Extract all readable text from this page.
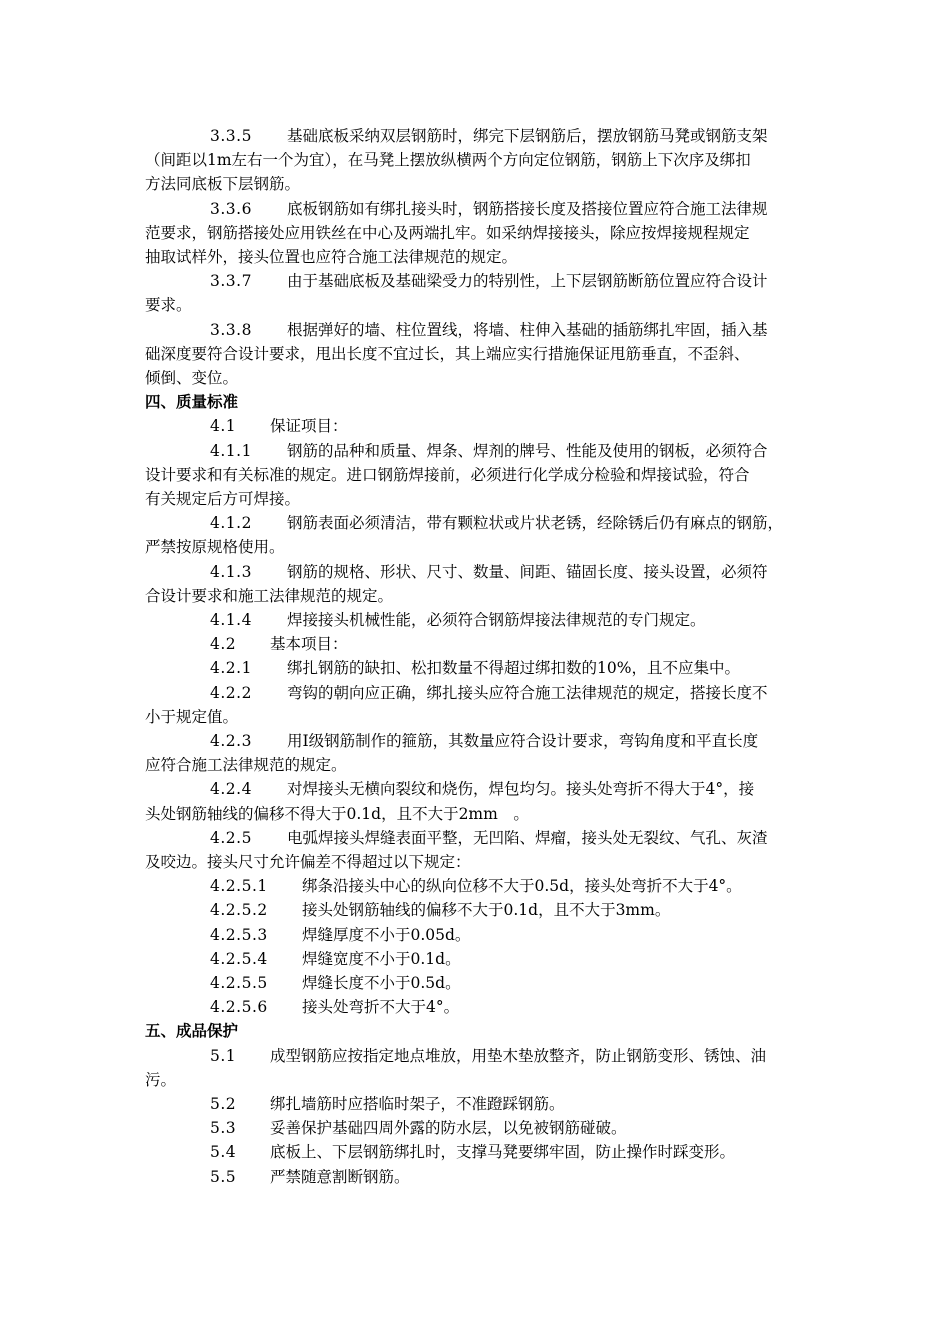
3.3.5 基础底板采纳双层钢筋时，绑完下层钢筋后，摆放钢筋马凳或钢筋支架
（间距以1m左右一个为宜），在马凳上摆放纵横两个方向定位钢筋，钢筋上下次序及绑扣
方法同底板下层钢筋。
3.3.6 底板钢筋如有绑扎接头时，钢筋搭接长度及搭接位置应符合施工法律规
范要求，钢筋搭接处应用铁丝在中心及两端扎牢。如采纳焊接接头，除应按焊接规程规定
抽取试样外，接头位置也应符合施工法律规范的规定。
3.3.7 由于基础底板及基础梁受力的特别性，上下层钢筋断筋位置应符合设计
要求。
3.3.8 根据弹好的墙、柱位置线，将墙、柱伸入基础的插筋绑扎牢固，插入基
础深度要符合设计要求，甩出长度不宜过长，其上端应实行措施保证甩筋垂直，不歪斜、
倾倒、变位。
四、质量标准
4.1 保证项目：
4.1.1 钢筋的品种和质量、焊条、焊剂的牌号、性能及使用的钢板，必须符合
设计要求和有关标准的规定。进口钢筋焊接前，必须进行化学成分检验和焊接试验，符合
有关规定后方可焊接。
4.1.2 钢筋表面必须清洁，带有颗粒状或片状老锈，经除锈后仍有麻点的钢筋，
严禁按原规格使用。
4.1.3 钢筋的规格、形状、尺寸、数量、间距、锚固长度、接头设置，必须符
合设计要求和施工法律规范的规定。
4.1.4 焊接接头机械性能，必须符合钢筋焊接法律规范的专门规定。
4.2 基本项目：
4.2.1 绑扎钢筋的缺扣、松扣数量不得超过绑扣数的10%，且不应集中。
4.2.2 弯钩的朝向应正确，绑扎接头应符合施工法律规范的规定，搭接长度不
小于规定值。
4.2.3 用Ⅰ级钢筋制作的箍筋，其数量应符合设计要求，弯钩角度和平直长度
应符合施工法律规范的规定。
4.2.4 对焊接头无横向裂纹和烧伤，焊包均匀。接头处弯折不得大于4°，接
头处钢筋轴线的偏移不得大于0.1d，且不大于2mm　。
4.2.5 电弧焊接头焊缝表面平整，无凹陷、焊瘤，接头处无裂纹、气孔、灰渣
及咬边。接头尺寸允许偏差不得超过以下规定：
4.2.5.1 绑条沿接头中心的纵向位移不大于0.5d，接头处弯折不大于4°。
4.2.5.2 接头处钢筋轴线的偏移不大于0.1d，且不大于3mm。
4.2.5.3 焊缝厚度不小于0.05d。
4.2.5.4 焊缝宽度不小于0.1d。
4.2.5.5 焊缝长度不小于0.5d。
4.2.5.6 接头处弯折不大于4°。
五、成品保护
5.1 成型钢筋应按指定地点堆放，用垫木垫放整齐，防止钢筋变形、锈蚀、油
污。
5.2 绑扎墙筋时应搭临时架子，不准蹬踩钢筋。
5.3 妥善保护基础四周外露的防水层，以免被钢筋碰破。
5.4 底板上、下层钢筋绑扎时，支撑马凳要绑牢固，防止操作时踩变形。
5.5 严禁随意割断钢筋。
